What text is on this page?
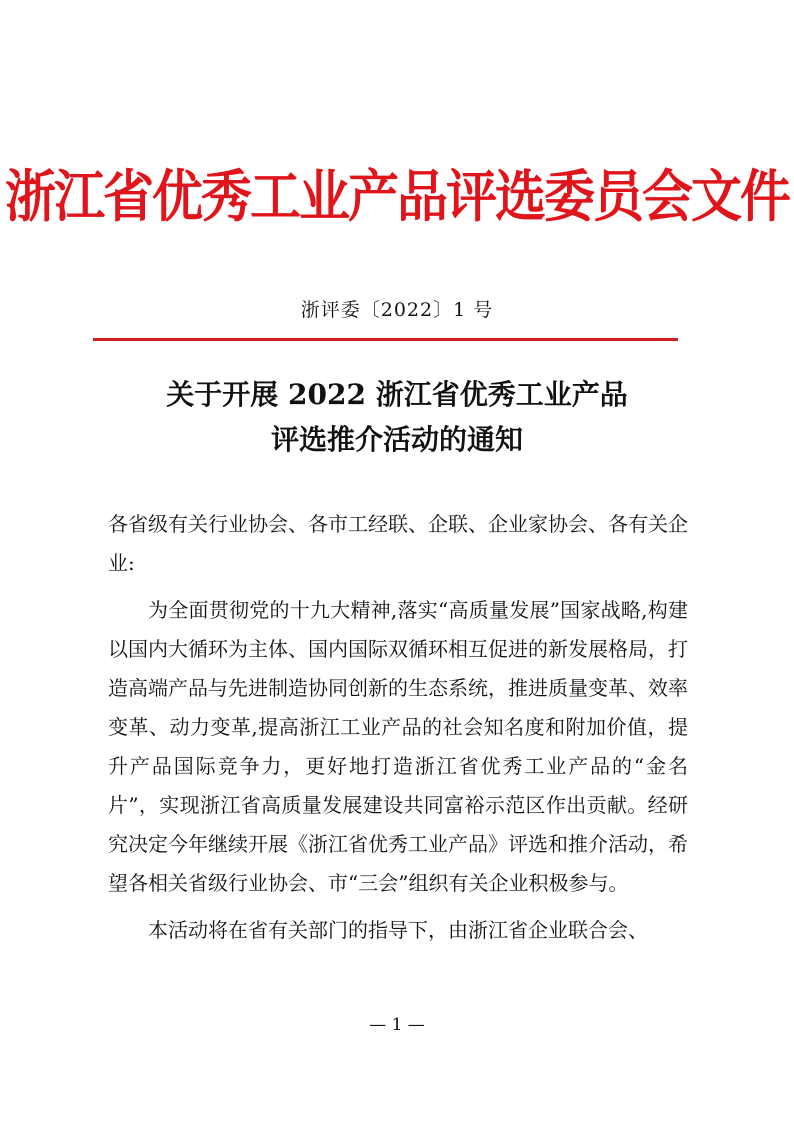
浙江省优秀工业产品评选委员会文件
浙评委〔2022〕1 号
关于开展 2022 浙江省优秀工业产品
评选推介活动的通知

各省级有关行业协会、各市工经联、企联、企业家协会、各有关企业:

为全面贯彻党的十九大精神,落实“高质量发展”国家战略,构建以国内大循环为主体、国内国际双循环相互促进的新发展格局，打造高端产品与先进制造协同创新的生态系统，推进质量变革、效率变革、动力变革,提高浙江工业产品的社会知名度和附加价值，提升产品国际竞争力，更好地打造浙江省优秀工业产品的“金名片”，实现浙江省高质量发展建设共同富裕示范区作出贡献。经研究决定今年继续开展《浙江省优秀工业产品》评选和推介活动，希望各相关省级行业协会、市“三会”组织有关企业积极参与。

本活动将在省有关部门的指导下，由浙江省企业联合会、

— 1 —
